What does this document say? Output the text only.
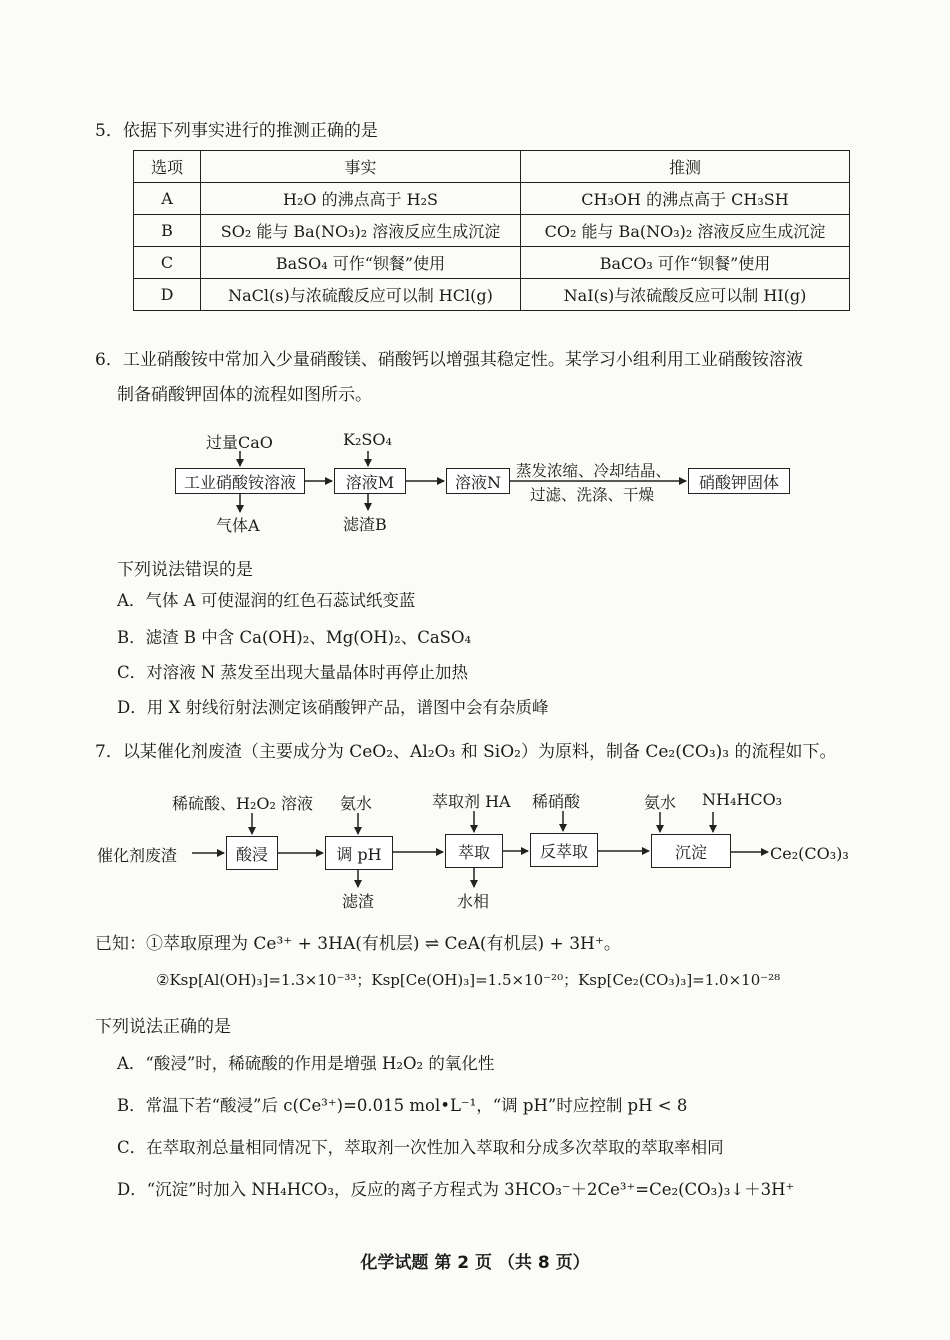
5．依据下列事实进行的推测正确的是
选项	事实	推测
A	H₂O 的沸点高于 H₂S	CH₃OH 的沸点高于 CH₃SH
B	SO₂ 能与 Ba(NO₃)₂ 溶液反应生成沉淀	CO₂ 能与 Ba(NO₃)₂ 溶液反应生成沉淀
C	BaSO₄ 可作“钡餐”使用	BaCO₃ 可作“钡餐”使用
D	NaCl(s)与浓硫酸反应可以制 HCl(g)	NaI(s)与浓硫酸反应可以制 HI(g)
6．工业硝酸铵中常加入少量硝酸镁、硝酸钙以增强其稳定性。某学习小组利用工业硝酸铵溶液
制备硝酸钾固体的流程如图所示。
过量CaO	K₂SO₄
工业硝酸铵溶液	溶液M	溶液N	硝酸钾固体
蒸发浓缩、冷却结晶、
过滤、洗涤、干燥
气体A	滤渣B
下列说法错误的是
A．气体 A 可使湿润的红色石蕊试纸变蓝
B．滤渣 B 中含 Ca(OH)₂、Mg(OH)₂、CaSO₄
C．对溶液 N 蒸发至出现大量晶体时再停止加热
D．用 X 射线衍射法测定该硝酸钾产品，谱图中会有杂质峰
7．以某催化剂废渣（主要成分为 CeO₂、Al₂O₃ 和 SiO₂）为原料，制备 Ce₂(CO₃)₃ 的流程如下。
稀硫酸、H₂O₂ 溶液 氨水	萃取剂 HA 稀硝酸	氨水 NH₄HCO₃
催化剂废渣	酸浸	调 pH	萃取	反萃取	沉淀	Ce₂(CO₃)₃
滤渣	水相
已知：①萃取原理为 Ce³⁺ + 3HA(有机层) ⇌ CeA(有机层) + 3H⁺。
②Ksp[Al(OH)₃]=1.3×10⁻³³；Ksp[Ce(OH)₃]=1.5×10⁻²⁰；Ksp[Ce₂(CO₃)₃]=1.0×10⁻²⁸
下列说法正确的是
A．“酸浸”时，稀硫酸的作用是增强 H₂O₂ 的氧化性
B．常温下若“酸浸”后 c(Ce³⁺)=0.015 mol•L⁻¹，“调 pH”时应控制 pH < 8
C．在萃取剂总量相同情况下，萃取剂一次性加入萃取和分成多次萃取的萃取率相同
D．“沉淀”时加入 NH₄HCO₃，反应的离子方程式为 3HCO₃⁻＋2Ce³⁺=Ce₂(CO₃)₃↓＋3H⁺
化学试题 第 2 页 （共 8 页）
